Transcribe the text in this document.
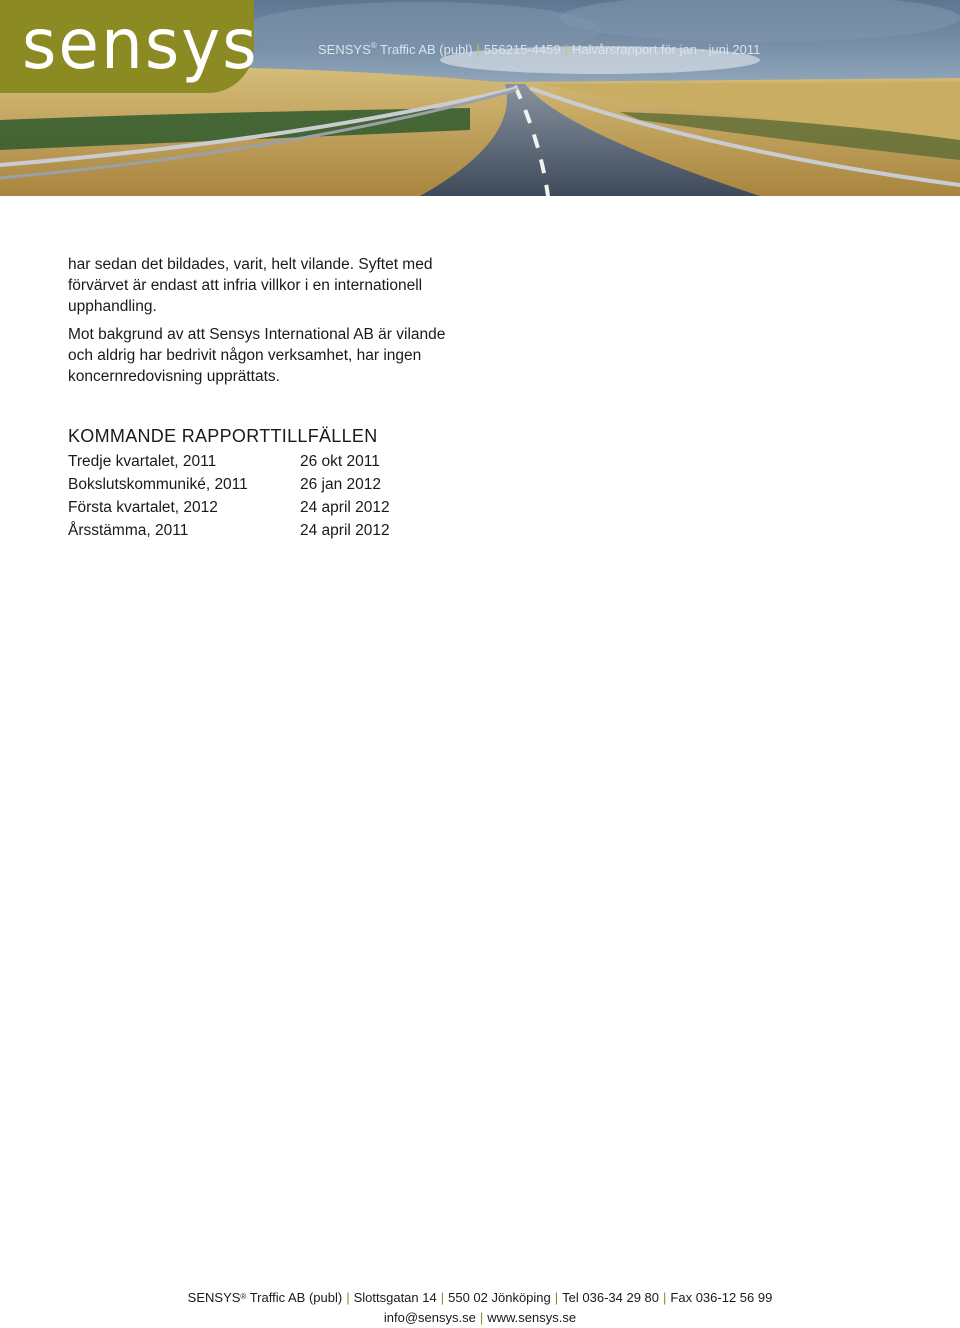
sensys	SENSYS® Traffic AB (publ) | 556215-4459 | Halvårsrapport för jan - juni 2011

har sedan det bildades, varit, helt vilande. Syftet med förvärvet är endast att infria villkor i en internationell upphandling.

Mot bakgrund av att Sensys International AB är vilande och aldrig har bedrivit någon verksamhet, har ingen koncernredovisning upprättats.

KOMMANDE RAPPORTTILLFÄLLEN
Tredje kvartalet, 2011	26 okt 2011
Bokslutskommuniké, 2011	26 jan 2012
Första kvartalet, 2012	24 april 2012
Årsstämma, 2011	24 april 2012
SENSYS® Traffic AB (publ) | Slottsgatan 14 | 550 02 Jönköping | Tel 036-34 29 80 | Fax 036-12 56 99
info@sensys.se | www.sensys.se
